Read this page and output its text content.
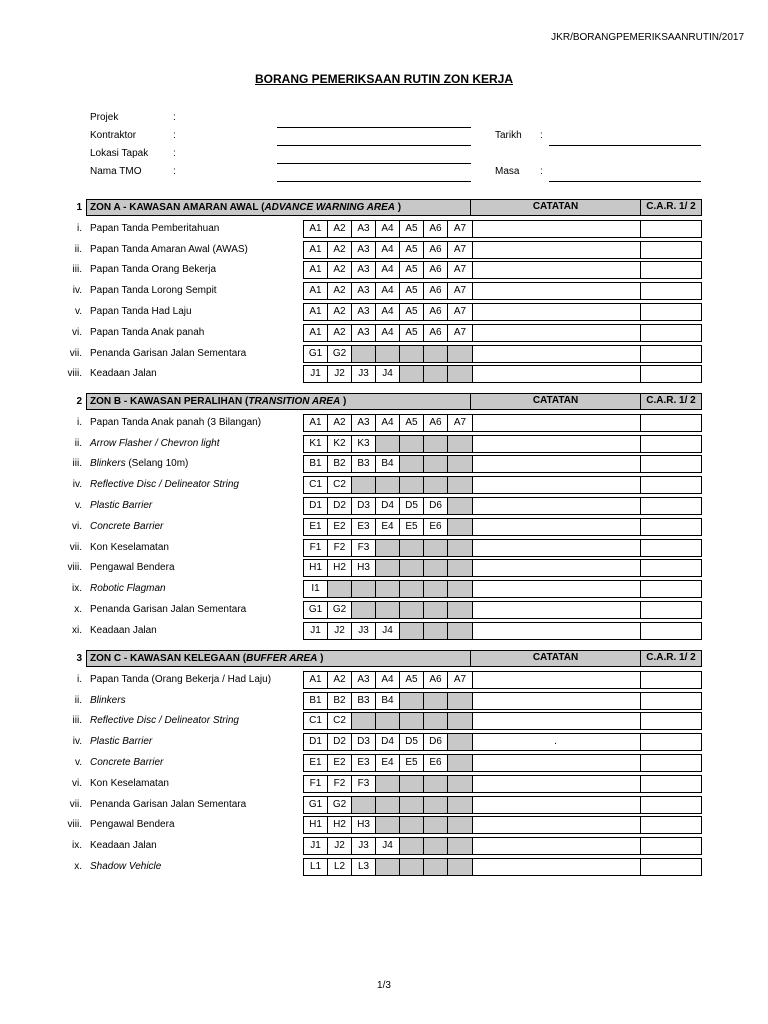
JKR/BORANGPEMERIKSAANRUTIN/2017
BORANG PEMERIKSAAN RUTIN ZON KERJA
Projek	:
Kontraktor	:
Lokasi Tapak :
Nama TMO	:
Tarikh :
Masa :
1 ZON A - KAWASAN AMARAN AWAL (ADVANCE WARNING AREA )	CATATAN	C.A.R. 1/ 2
i. Papan Tanda Pemberitahuan	A1	A2	A3	A4	A5	A6	A7
ii. Papan Tanda Amaran Awal (AWAS)	A1	A2	A3	A4	A5	A6	A7
iii. Papan Tanda Orang Bekerja	A1	A2	A3	A4	A5	A6	A7
iv. Papan Tanda Lorong Sempit	A1	A2	A3	A4	A5	A6	A7
v. Papan Tanda Had Laju	A1	A2	A3	A4	A5	A6	A7
vi. Papan Tanda Anak panah	A1	A2	A3	A4	A5	A6	A7
vii. Penanda Garisan Jalan Sementara	G1	G2
viii. Keadaan Jalan	J1	J2	J3	J4
2 ZON B - KAWASAN PERALIHAN (TRANSITION AREA )	CATATAN	C.A.R. 1/ 2
i. Papan Tanda Anak panah (3 Bilangan)	A1	A2	A3	A4	A5	A6	A7
ii. Arrow Flasher / Chevron light	K1	K2	K3
iii. Blinkers (Selang 10m)	B1	B2	B3	B4
iv. Reflective Disc / Delineator String	C1	C2
v. Plastic Barrier	D1	D2	D3	D4	D5	D6
vi. Concrete Barrier	E1	E2	E3	E4	E5	E6
vii. Kon Keselamatan	F1	F2	F3
viii. Pengawal Bendera	H1	H2	H3
ix. Robotic Flagman	I1
x. Penanda Garisan Jalan Sementara	G1	G2
xi. Keadaan Jalan	J1	J2	J3	J4
3 ZON C - KAWASAN KELEGAAN (BUFFER AREA )	CATATAN	C.A.R. 1/ 2
i. Papan Tanda (Orang Bekerja / Had Laju)	A1	A2	A3	A4	A5	A6	A7
ii. Blinkers	B1	B2	B3	B4
iii. Reflective Disc / Delineator String	C1	C2
iv. Plastic Barrier	D1	D2	D3	D4	D5	D6	.
v. Concrete Barrier	E1	E2	E3	E4	E5	E6
vi. Kon Keselamatan	F1	F2	F3
vii. Penanda Garisan Jalan Sementara	G1	G2
viii. Pengawal Bendera	H1	H2	H3
ix. Keadaan Jalan	J1	J2	J3	J4
x. Shadow Vehicle	L1	L2	L3
1/3
